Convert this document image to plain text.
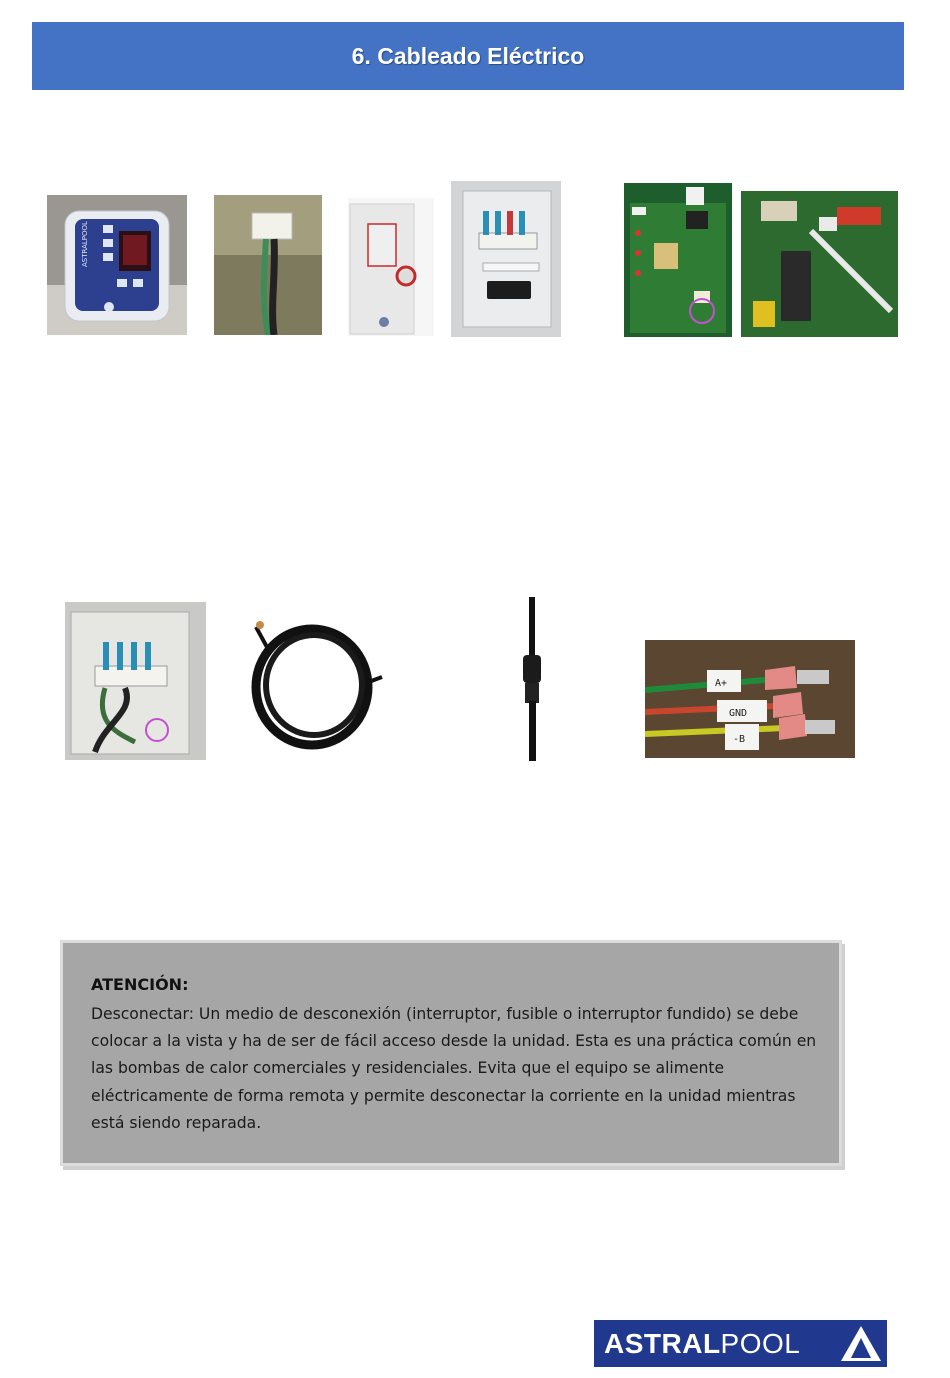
6. Cableado Eléctrico
ASTRALPOOL
A+
GND
-B
ATENCIÓN:
Desconectar: Un medio de desconexión (interruptor, fusible o interruptor fundido) se debe colocar a la vista y ha de ser de fácil acceso desde la unidad. Esta es una práctica común en las bombas de calor comerciales y residenciales. Evita que el equipo se alimente eléctricamente de forma remota y permite desconectar la corriente en la unidad mientras está siendo reparada.
ASTRALPOOL
